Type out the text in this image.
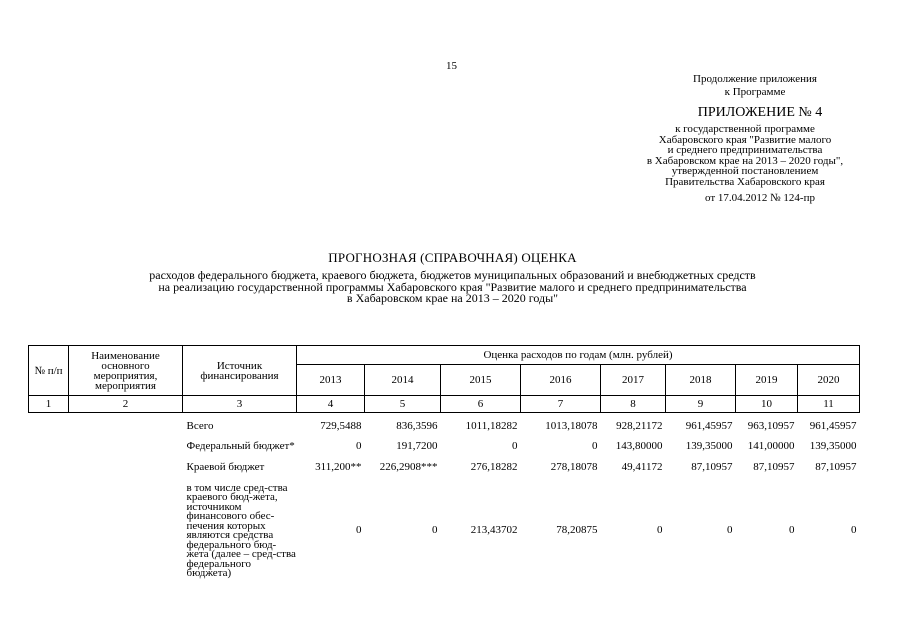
15
Продолжение приложения
к Программе
ПРИЛОЖЕНИЕ № 4
к государственной программе
Хабаровского края "Развитие малого
и среднего предпринимательства
в Хабаровском крае на 2013 – 2020 годы",
утвержденной постановлением
Правительства Хабаровского края
от 17.04.2012 № 124-пр
ПРОГНОЗНАЯ (СПРАВОЧНАЯ) ОЦЕНКА
расходов федерального бюджета, краевого бюджета, бюджетов муниципальных образований и внебюджетных средств
на реализацию государственной программы Хабаровского края "Развитие малого и среднего предпринимательства
в Хабаровском крае на 2013 – 2020 годы"
№ п/п	Наименование основного мероприятия, мероприятия	Источник финансирования	Оценка расходов по годам (млн. рублей)							
			2013	2014	2015	2016	2017	2018	2019	2020
1	2	3	4	5	6	7	8	9	10	11

		Всего	729,5488	836,3596	1011,18282	1013,18078	928,21172	961,45957	963,10957	961,45957
		Федеральный бюджет*	0	191,7200	0	0	143,80000	139,35000	141,00000	139,35000
		Краевой бюджет	311,200**	226,2908***	276,18282	278,18078	49,41172	87,10957	87,10957	87,10957
		в том числе сред-ства краевого бюд-жета, источником финансового обес-печения которых являются средства федерального бюд-жета (далее – сред-ства федерального бюджета)	0	0	213,43702	78,20875	0	0	0	0
